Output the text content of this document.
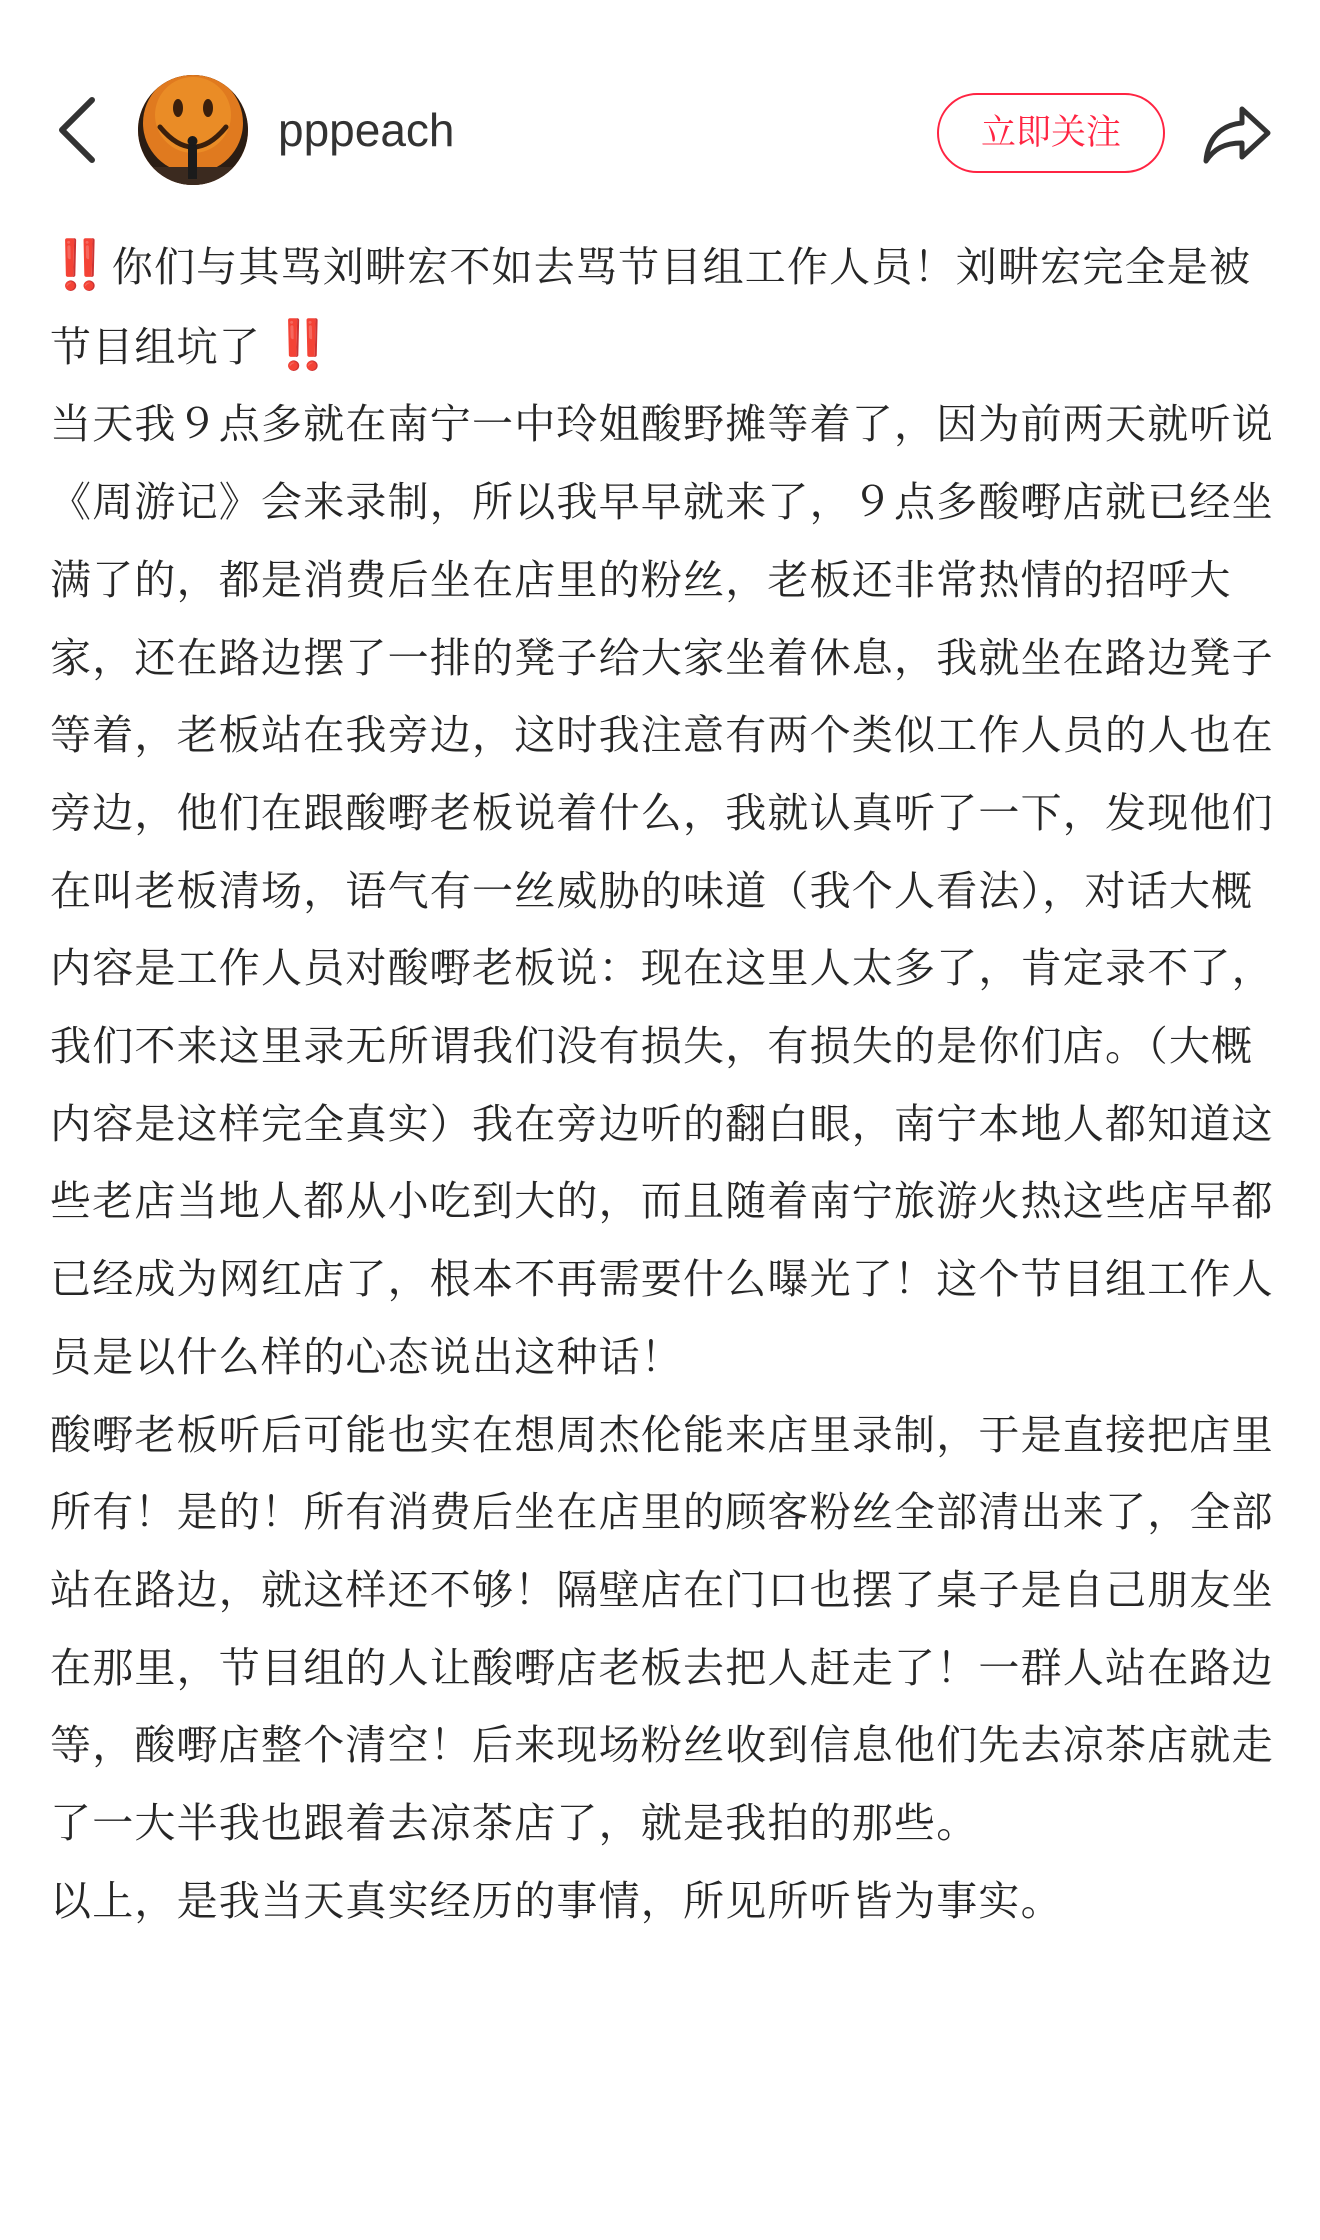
pppeach	立即关注

‼️ 你们与其骂刘畊宏不如去骂节目组工作人员！刘畊宏完全是被节目组坑了 ‼️

当天我９点多就在南宁一中玲姐酸野摊等着了，因为前两天就听说《周游记》会来录制，所以我早早就来了，９点多酸嘢店就已经坐满了的，都是消费后坐在店里的粉丝，老板还非常热情的招呼大家，还在路边摆了一排的凳子给大家坐着休息，我就坐在路边凳子等着，老板站在我旁边，这时我注意有两个类似工作人员的人也在旁边，他们在跟酸嘢老板说着什么，我就认真听了一下，发现他们在叫老板清场，语气有一丝威胁的味道（我个人看法），对话大概内容是工作人员对酸嘢老板说：现在这里人太多了，肯定录不了，我们不来这里录无所谓我们没有损失，有损失的是你们店。（大概内容是这样完全真实）我在旁边听的翻白眼，南宁本地人都知道这些老店当地人都从小吃到大的，而且随着南宁旅游火热这些店早都已经成为网红店了，根本不再需要什么曝光了！这个节目组工作人员是以什么样的心态说出这种话！

酸嘢老板听后可能也实在想周杰伦能来店里录制，于是直接把店里所有！是的！所有消费后坐在店里的顾客粉丝全部清出来了，全部站在路边，就这样还不够！隔壁店在门口也摆了桌子是自己朋友坐在那里，节目组的人让酸嘢店老板去把人赶走了！一群人站在路边等，酸嘢店整个清空！后来现场粉丝收到信息他们先去凉茶店就走了一大半我也跟着去凉茶店了，就是我拍的那些。

以上，是我当天真实经历的事情，所见所听皆为事实。
